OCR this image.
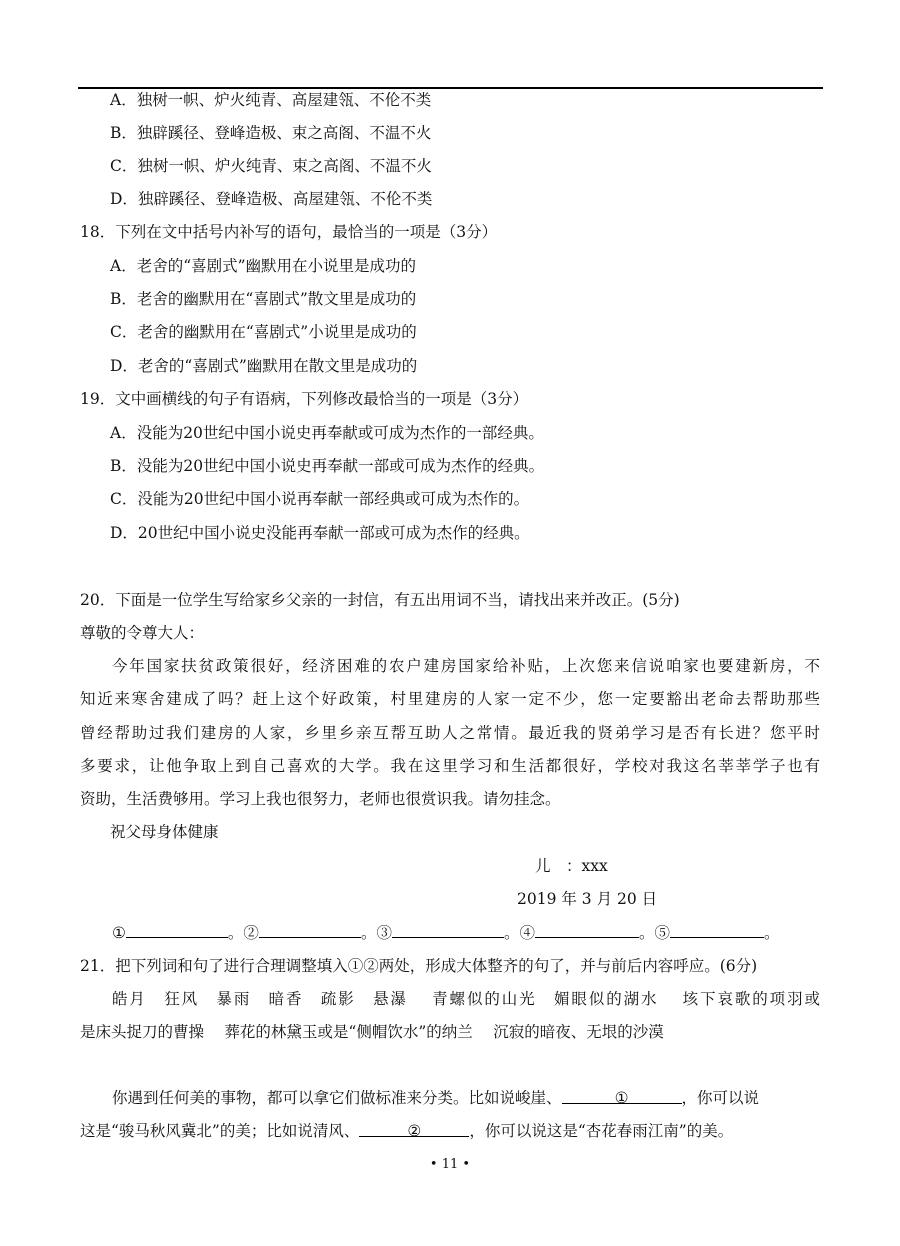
A．独树一帜、炉火纯青、高屋建瓴、不伦不类
B．独辟蹊径、登峰造极、束之高阁、不温不火
C．独树一帜、炉火纯青、束之高阁、不温不火
D．独辟蹊径、登峰造极、高屋建瓴、不伦不类
18．下列在文中括号内补写的语句，最恰当的一项是（3分）
A．老舍的“喜剧式”幽默用在小说里是成功的
B．老舍的幽默用在“喜剧式”散文里是成功的
C．老舍的幽默用在“喜剧式”小说里是成功的
D．老舍的“喜剧式”幽默用在散文里是成功的
19．文中画横线的句子有语病，下列修改最恰当的一项是（3分）
A．没能为20世纪中国小说史再奉献或可成为杰作的一部经典。
B．没能为20世纪中国小说史再奉献一部或可成为杰作的经典。
C．没能为20世纪中国小说再奉献一部经典或可成为杰作的。
D．20世纪中国小说史没能再奉献一部或可成为杰作的经典。
20．下面是一位学生写给家乡父亲的一封信，有五出用词不当，请找出来并改正。(5分)
尊敬的令尊大人：
今年国家扶贫政策很好，经济困难的农户建房国家给补贴，上次您来信说咱家也要建新房，不
知近来寒舍建成了吗？赶上这个好政策，村里建房的人家一定不少，您一定要豁出老命去帮助那些
曾经帮助过我们建房的人家，乡里乡亲互帮互助人之常情。最近我的贤弟学习是否有长进？您平时
多要求，让他争取上到自己喜欢的大学。我在这里学习和生活都很好，学校对我这名莘莘学子也有
资助，生活费够用。学习上我也很努力，老师也很赏识我。请勿挂念。
祝父母身体健康
儿　：xxx
2019 年 3 月 20 日
①	。②	。③	。④	。⑤	。
21．把下列词和句了进行合理调整填入①②两处，形成大体整齐的句了，并与前后内容呼应。(6分)
皓月　狂风　暴雨　暗香　疏影　悬瀑　 青螺似的山光　媚眼似的湖水　 垓下哀歌的项羽或
是床头捉刀的曹操　 葬花的林黛玉或是“侧帽饮水”的纳兰　 沉寂的暗夜、无垠的沙漠
你遇到任何美的事物，都可以拿它们做标准来分类。比如说峻崖、	①	，你可以说
这是“骏马秋风冀北”的美；比如说清风、	②	，你可以说这是“杏花春雨江南”的美。
• 11 •
